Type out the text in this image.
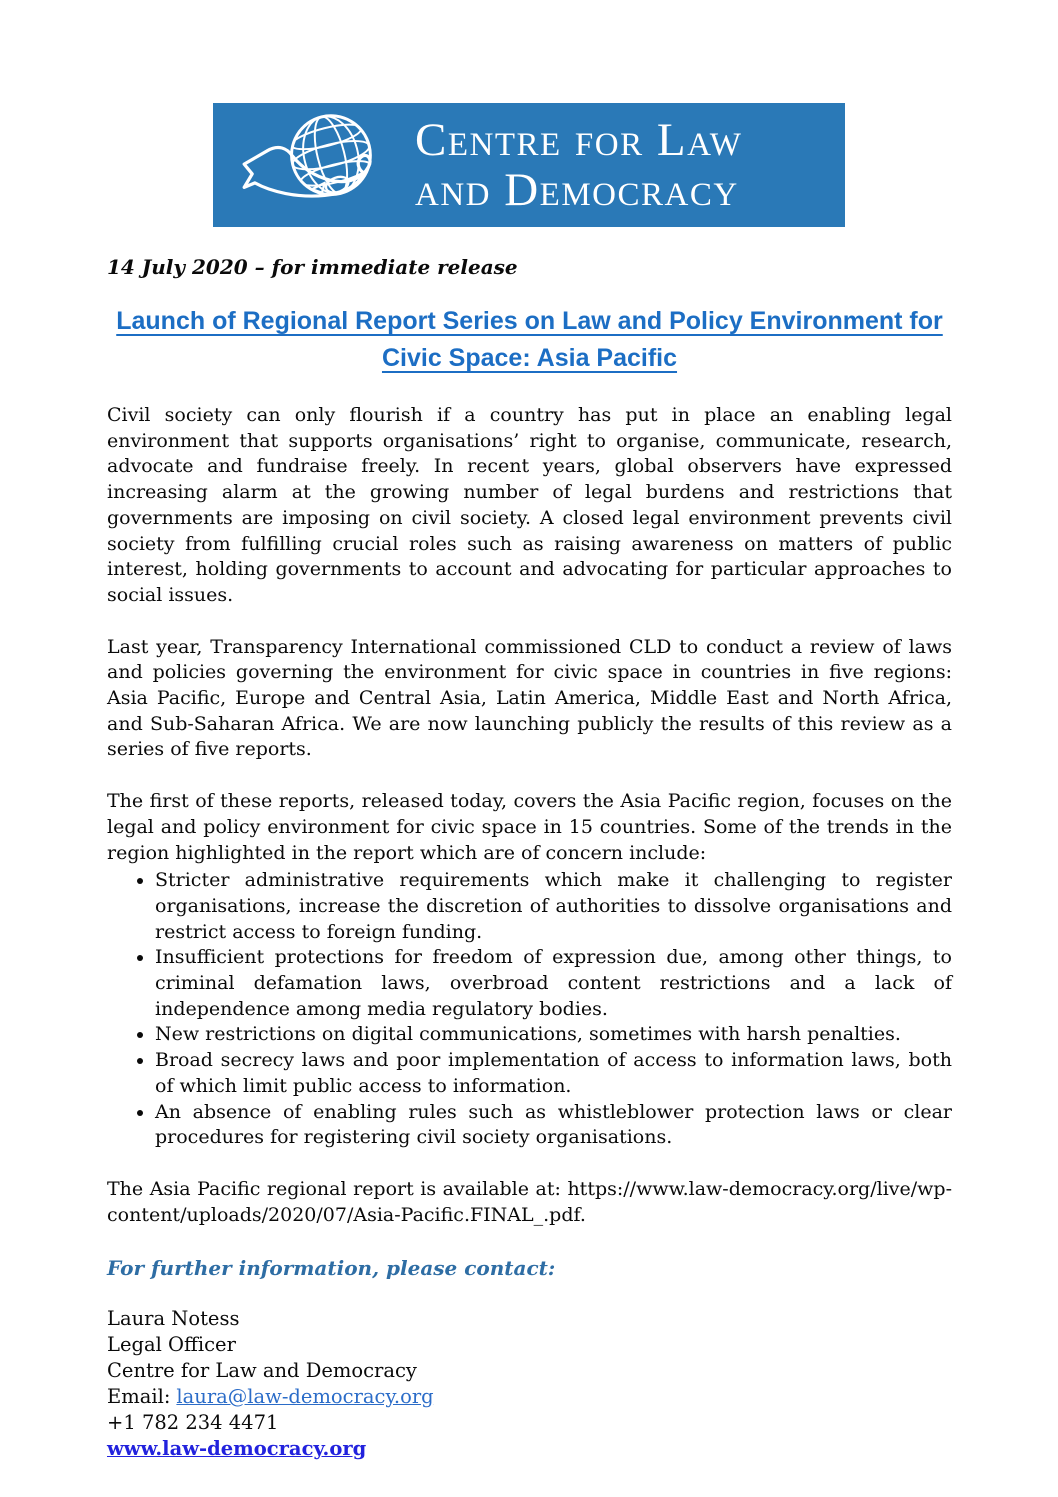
Centre for Law
and Democracy

14 July 2020 – for immediate release

Launch of Regional Report Series on Law and Policy Environment for Civic Space: Asia Pacific

Civil society can only flourish if a country has put in place an enabling legal environment that supports organisations’ right to organise, communicate, research, advocate and fundraise freely. In recent years, global observers have expressed increasing alarm at the growing number of legal burdens and restrictions that governments are imposing on civil society. A closed legal environment prevents civil society from fulfilling crucial roles such as raising awareness on matters of public interest, holding governments to account and advocating for particular approaches to social issues.

Last year, Transparency International commissioned CLD to conduct a review of laws and policies governing the environment for civic space in countries in five regions: Asia Pacific, Europe and Central Asia, Latin America, Middle East and North Africa, and Sub-Saharan Africa. We are now launching publicly the results of this review as a series of five reports.

The first of these reports, released today, covers the Asia Pacific region, focuses on the legal and policy environment for civic space in 15 countries. Some of the trends in the region highlighted in the report which are of concern include:

• Stricter administrative requirements which make it challenging to register organisations, increase the discretion of authorities to dissolve organisations and restrict access to foreign funding.
• Insufficient protections for freedom of expression due, among other things, to criminal defamation laws, overbroad content restrictions and a lack of independence among media regulatory bodies.
• New restrictions on digital communications, sometimes with harsh penalties.
• Broad secrecy laws and poor implementation of access to information laws, both of which limit public access to information.
• An absence of enabling rules such as whistleblower protection laws or clear procedures for registering civil society organisations.

The Asia Pacific regional report is available at: https://www.law-democracy.org/live/wp-content/uploads/2020/07/Asia-Pacific.FINAL_.pdf.

For further information, please contact:

Laura Notess
Legal Officer
Centre for Law and Democracy
Email: laura@law-democracy.org
+1 782 234 4471
www.law-democracy.org
